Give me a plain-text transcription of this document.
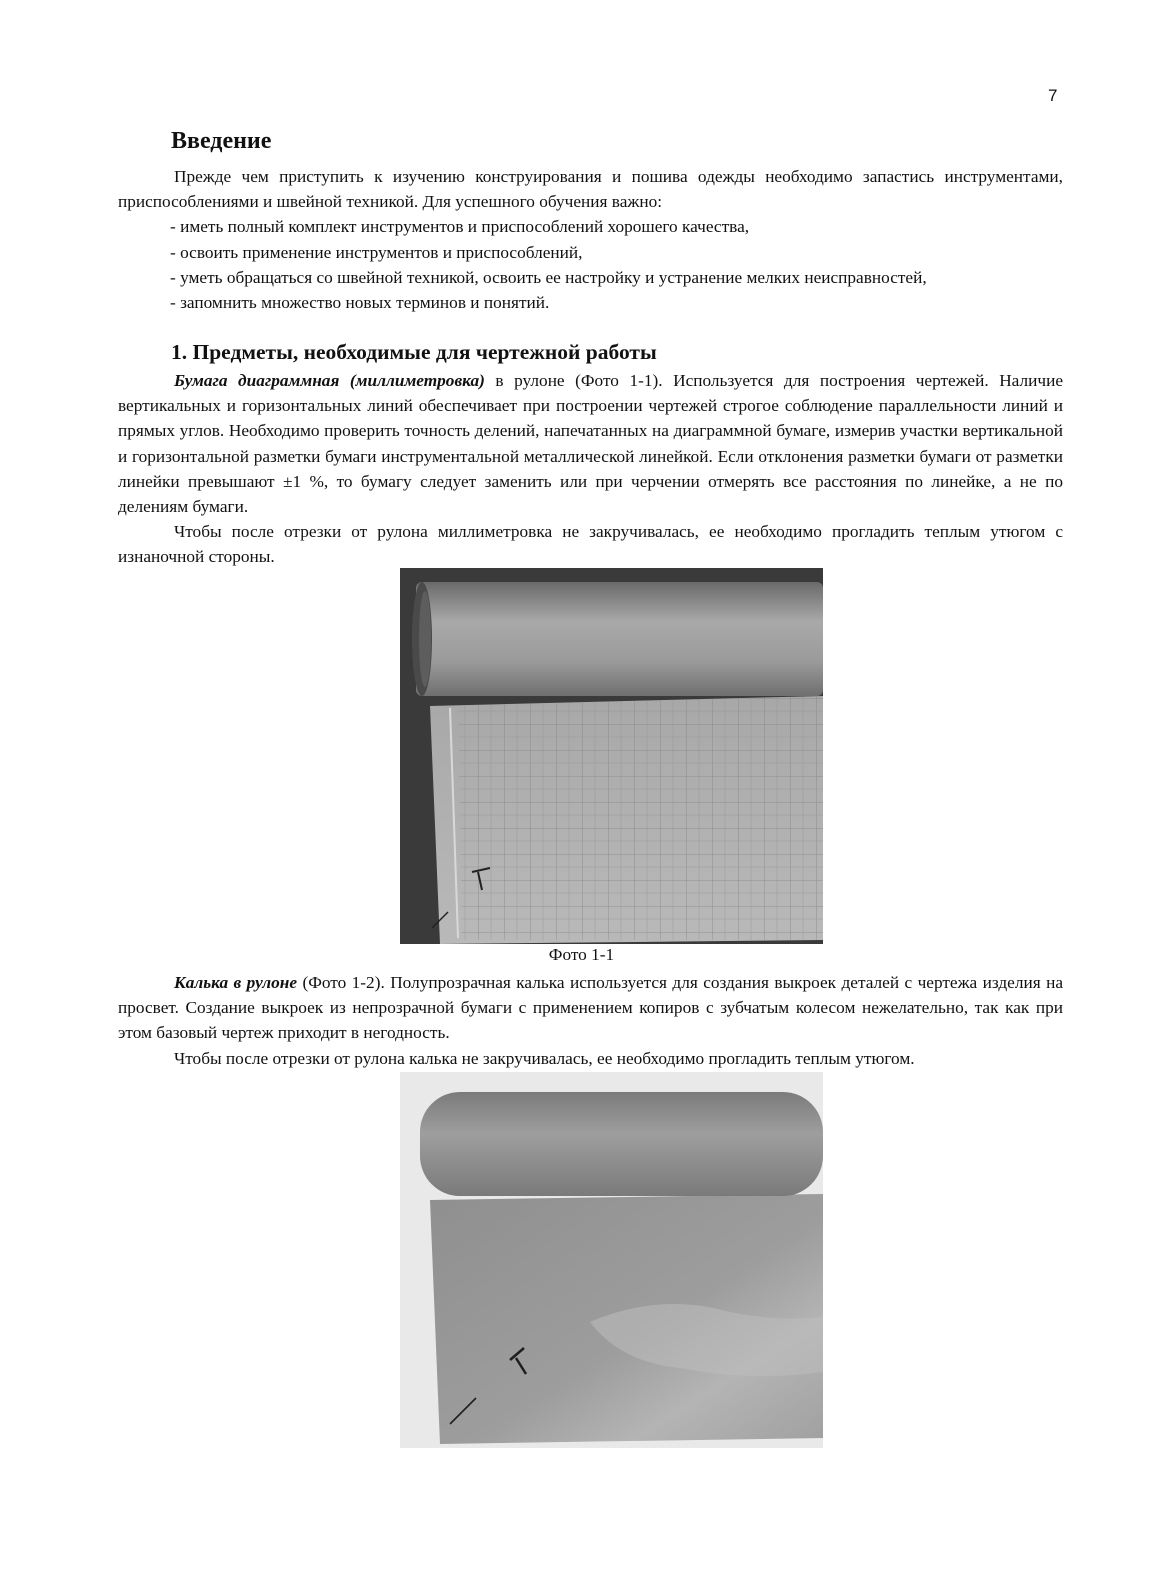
7
Введение

Прежде чем приступить к изучению конструирования и пошива одежды необходимо запастись инструментами, приспособлениями и швейной техникой. Для успешного обучения важно:

- иметь полный комплект инструментов и приспособлений хорошего качества,

- освоить применение инструментов и приспособлений,

- уметь обращаться со швейной техникой, освоить ее настройку и устранение мелких неисправностей,

- запомнить множество новых терминов и понятий.

1. Предметы, необходимые для чертежной работы

Бумага диаграммная (миллиметровка) в рулоне (Фото 1-1). Используется для построения чертежей. Наличие вертикальных и горизонтальных линий обеспечивает при построении чертежей строгое соблюдение параллельности линий и прямых углов. Необходимо проверить точность делений, напечатанных на диаграммной бумаге, измерив участки вертикальной и горизонтальной разметки бумаги инструментальной металлической линейкой. Если отклонения разметки бумаги от разметки линейки превышают ±1 %, то бумагу следует заменить или при черчении отмерять все расстояния по линейке, а не по делениям бумаги.

Чтобы после отрезки от рулона миллиметровка не закручивалась, ее необходимо прогладить теплым утюгом с изнаночной стороны.

Фото 1-1

Калька в рулоне (Фото 1-2). Полупрозрачная калька используется для создания выкроек деталей с чертежа изделия на просвет. Создание выкроек из непрозрачной бумаги с применением копиров с зубчатым колесом нежелательно, так как при этом базовый чертеж приходит в негодность.

Чтобы после отрезки от рулона калька не закручивалась, ее необходимо прогладить теплым утюгом.
